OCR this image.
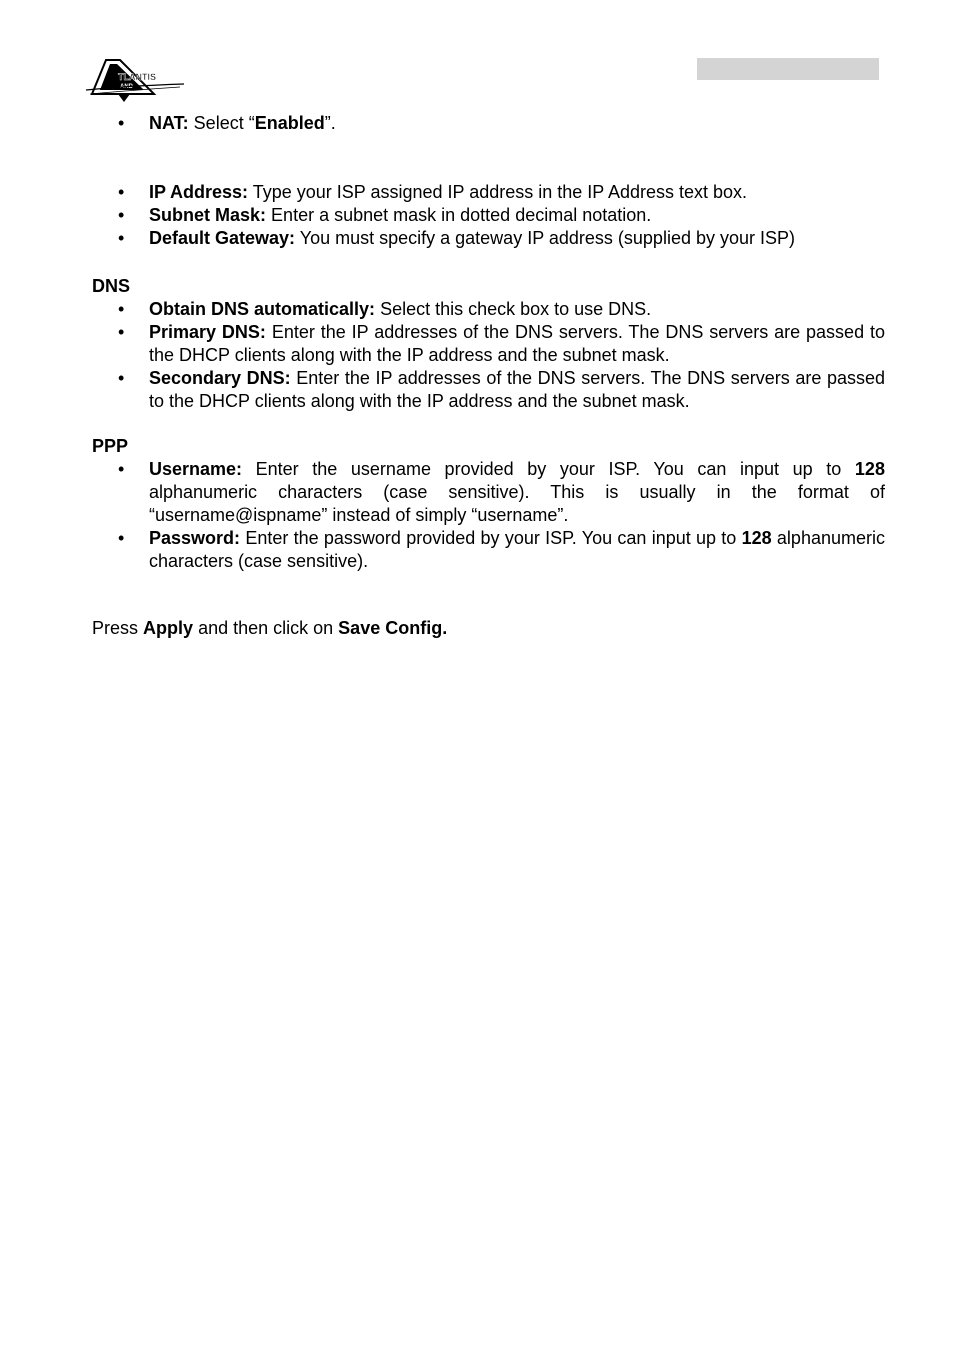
TLANTIS
AND
•	NAT: Select “Enabled”.
•	IP Address: Type your ISP assigned IP address in the IP Address text box.
•	Subnet Mask: Enter a subnet mask in dotted decimal notation.
•	Default Gateway: You must specify a gateway IP address (supplied by your ISP)
DNS
•	Obtain DNS automatically: Select this check box to use DNS.
•	Primary DNS: Enter the IP addresses of the DNS servers. The DNS servers are passed to the DHCP clients along with the IP address and the subnet mask.
•	Secondary DNS: Enter the IP addresses of the DNS servers. The DNS servers are passed to the DHCP clients along with the IP address and the subnet mask.
PPP
•	Username: Enter the username provided by your ISP. You can input up to 128 alphanumeric characters (case sensitive). This is usually in the format of “username@ispname” instead of simply “username”.
•	Password: Enter the password provided by your ISP. You can input up to 128 alphanumeric characters (case sensitive).
Press Apply and then click on Save Config.
